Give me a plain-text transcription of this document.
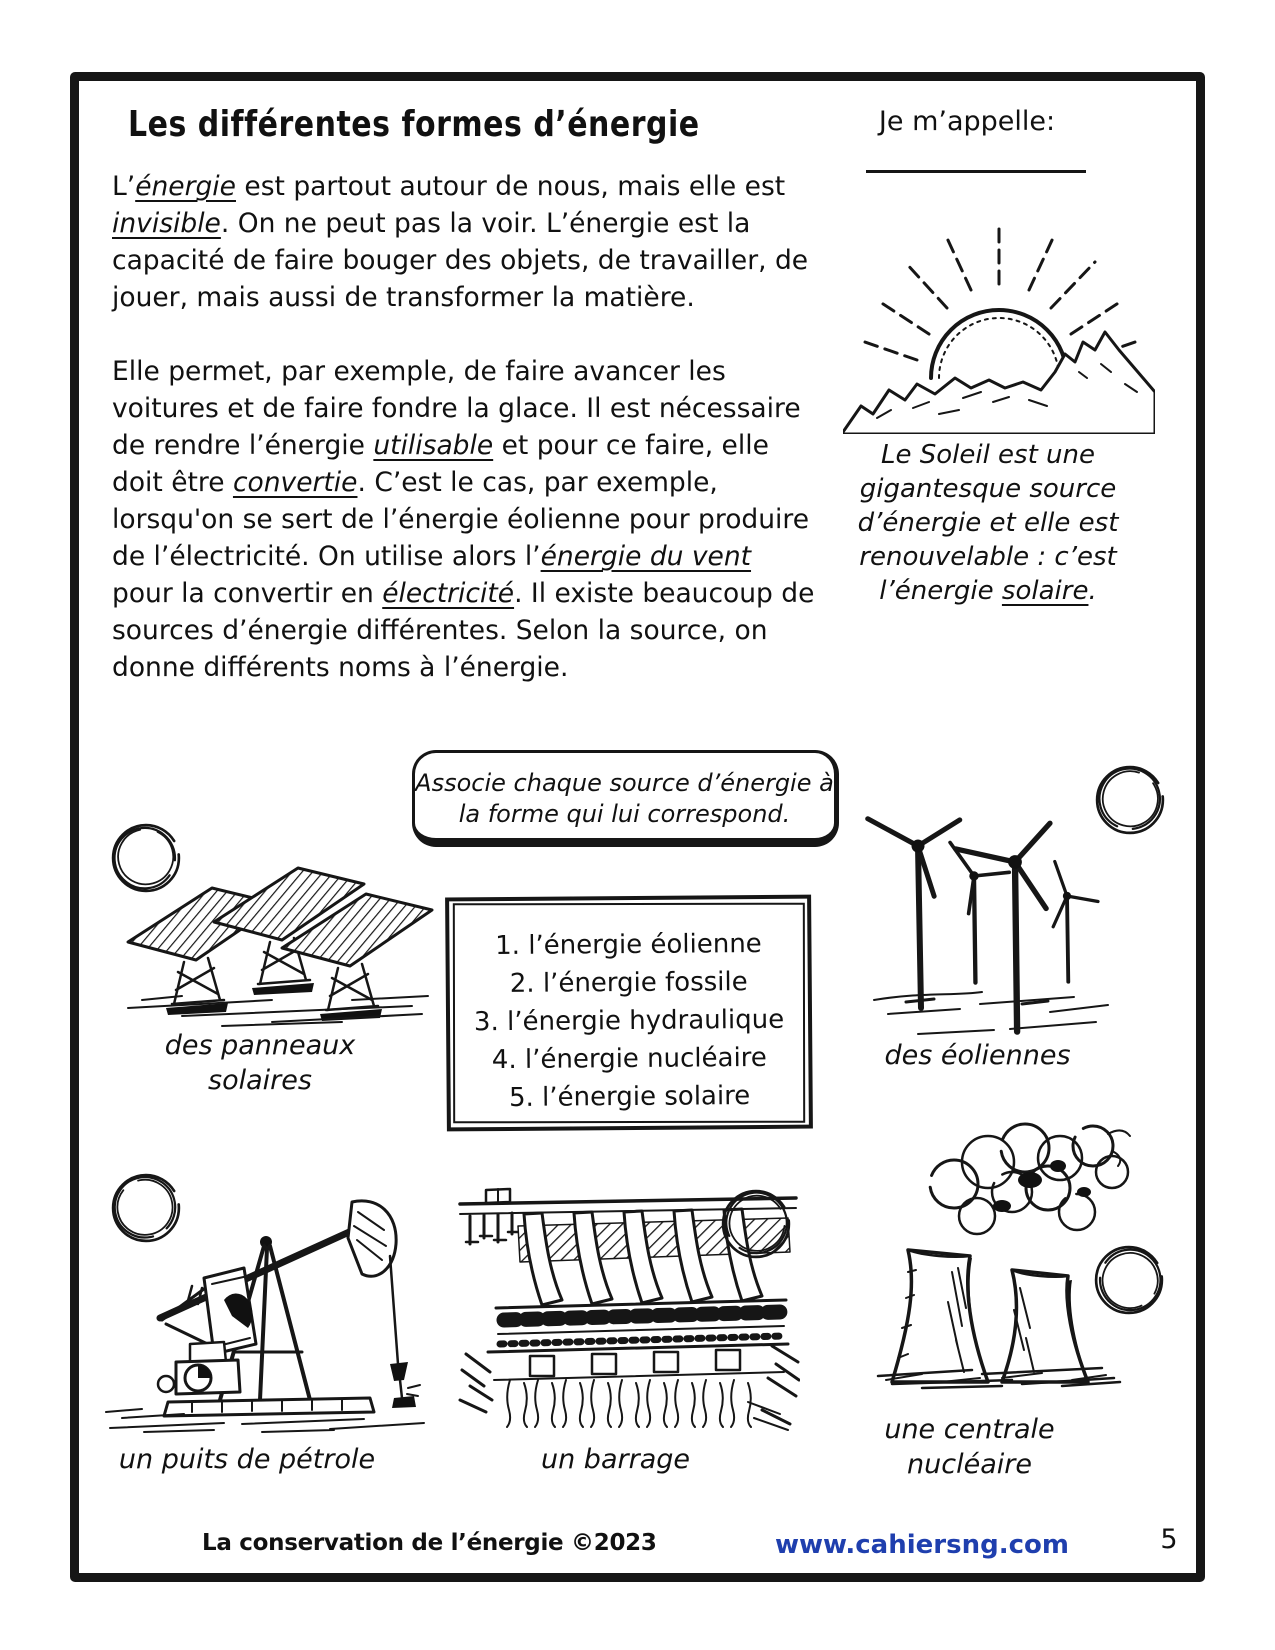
Les différentes formes d’énergie	Je m’appelle:

L’énergie est partout autour de nous, mais elle est invisible. On ne peut pas la voir. L’énergie est la capacité de faire bouger des objets, de travailler, de jouer, mais aussi de transformer la matière.

Elle permet, par exemple, de faire avancer les voitures et de faire fondre la glace. Il est nécessaire de rendre l’énergie utilisable et pour ce faire, elle doit être convertie. C’est le cas, par exemple, lorsqu'on se sert de l’énergie éolienne pour produire de l’électricité. On utilise alors l’énergie du vent pour la convertir en électricité. Il existe beaucoup de sources d’énergie différentes. Selon la source, on donne différents noms à l’énergie.

Le Soleil est une gigantesque source d’énergie et elle est renouvelable : c’est l’énergie solaire.
Associe chaque source d’énergie à la forme qui lui correspond.
1. l’énergie éolienne
2. l’énergie fossile
3. l’énergie hydraulique
4. l’énergie nucléaire
5. l’énergie solaire
des panneaux solaires
des éoliennes
un puits de pétrole	un barrage
une centrale nucléaire
La conservation de l’énergie ©2023	www.cahiersng.com	5
